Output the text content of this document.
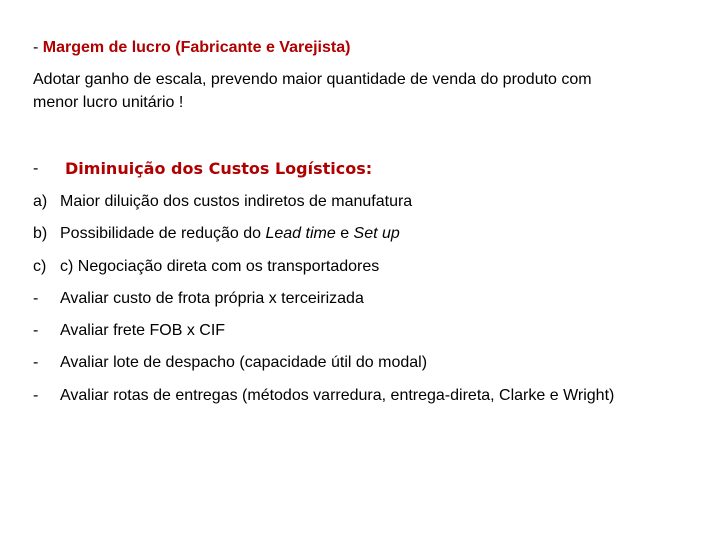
- Margem de lucro (Fabricante e Varejista)
Adotar ganho de escala, prevendo maior quantidade de venda do produto com
menor lucro unitário !
- Diminuição dos Custos Logísticos:
a) Maior diluição dos custos indiretos de manufatura
b) Possibilidade de redução do Lead time e Set up
c) c) Negociação direta com os transportadores
- Avaliar custo de frota própria x terceirizada
- Avaliar frete FOB x CIF
- Avaliar lote de despacho (capacidade útil do modal)
- Avaliar rotas de entregas (métodos varredura, entrega-direta, Clarke e Wright)
